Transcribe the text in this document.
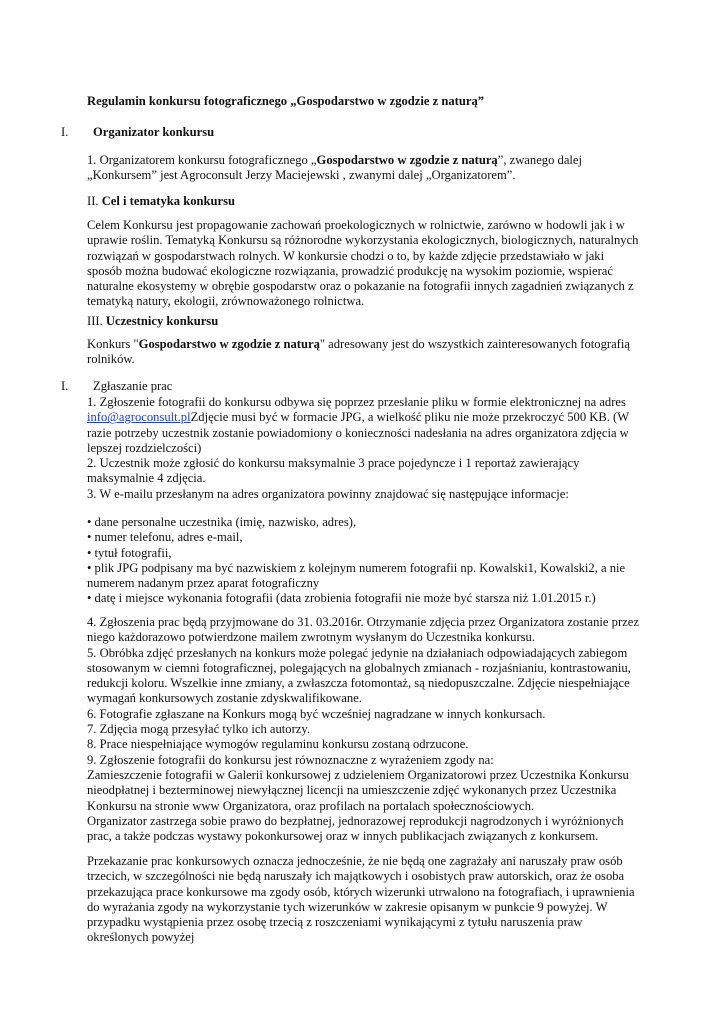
Regulamin konkursu fotograficznego „Gospodarstwo w zgodzie z naturą”

I. Organizator konkursu

1. Organizatorem konkursu fotograficznego „Gospodarstwo w zgodzie z naturą”, zwanego dalej „Konkursem” jest Agroconsult Jerzy Maciejewski , zwanymi dalej „Organizatorem”.

II. Cel i tematyka konkursu

Celem Konkursu jest propagowanie zachowań proekologicznych w rolnictwie, zarówno w hodowli jak i w uprawie roślin. Tematyką Konkursu są różnorodne wykorzystania ekologicznych, biologicznych, naturalnych rozwiązań w gospodarstwach rolnych. W konkursie chodzi o to, by każde zdjęcie przedstawiało w jaki sposób można budować ekologiczne rozwiązania, prowadzić produkcję na wysokim poziomie, wspierać naturalne ekosystemy w obrębie gospodarstw oraz o pokazanie na fotografii innych zagadnień związanych z tematyką natury, ekologii, zrównoważonego rolnictwa.

III. Uczestnicy konkursu

Konkurs "Gospodarstwo w zgodzie z naturą" adresowany jest do wszystkich zainteresowanych fotografią rolników.

I. Zgłaszanie prac

1. Zgłoszenie fotografii do konkursu odbywa się poprzez przesłanie pliku w formie elektronicznej na adres info@agroconsult.plZdjęcie musi być w formacie JPG, a wielkość pliku nie może przekroczyć 500 KB. (W razie potrzeby uczestnik zostanie powiadomiony o konieczności nadesłania na adres organizatora zdjęcia w lepszej rozdzielczości)

2. Uczestnik może zgłosić do konkursu maksymalnie 3 prace pojedyncze i 1 reportaż zawierający maksymalnie 4 zdjęcia.

3. W e-mailu przesłanym na adres organizatora powinny znajdować się następujące informacje:

• dane personalne uczestnika (imię, nazwisko, adres),

• numer telefonu, adres e-mail,

• tytuł fotografii,

• plik JPG podpisany ma być nazwiskiem z kolejnym numerem fotografii np. Kowalski1, Kowalski2, a nie numerem nadanym przez aparat fotograficzny

• datę i miejsce wykonania fotografii (data zrobienia fotografii nie może być starsza niż 1.01.2015 r.)

4. Zgłoszenia prac będą przyjmowane do 31. 03.2016r. Otrzymanie zdjęcia przez Organizatora zostanie przez niego każdorazowo potwierdzone mailem zwrotnym wysłanym do Uczestnika konkursu.

5. Obróbka zdjęć przesłanych na konkurs może polegać jedynie na działaniach odpowiadających zabiegom stosowanym w ciemni fotograficznej, polegających na globalnych zmianach - rozjaśnianiu, kontrastowaniu, redukcji koloru. Wszelkie inne zmiany, a zwłaszcza fotomontaż, są niedopuszczalne. Zdjęcie niespełniające wymagań konkursowych zostanie zdyskwalifikowane.

6. Fotografie zgłaszane na Konkurs mogą być wcześniej nagradzane w innych konkursach.

7. Zdjęcia mogą przesyłać tylko ich autorzy.

8. Prace niespełniające wymogów regulaminu konkursu zostaną odrzucone.

9. Zgłoszenie fotografii do konkursu jest równoznaczne z wyrażeniem zgody na:

Zamieszczenie fotografii w Galerii konkursowej z udzieleniem Organizatorowi przez Uczestnika Konkursu nieodpłatnej i bezterminowej niewyłącznej licencji na umieszczenie zdjęć wykonanych przez Uczestnika Konkursu na stronie www Organizatora, oraz profilach na portalach społecznościowych.

Organizator zastrzega sobie prawo do bezpłatnej, jednorazowej reprodukcji nagrodzonych i wyróżnionych prac, a także podczas wystawy pokonkursowej oraz w innych publikacjach związanych z konkursem.

Przekazanie prac konkursowych oznacza jednocześnie, że nie będą one zagrażały ani naruszały praw osób trzecich, w szczególności nie będą naruszały ich majątkowych i osobistych praw autorskich, oraz że osoba przekazująca prace konkursowe ma zgody osób, których wizerunki utrwalono na fotografiach, i uprawnienia do wyrażania zgody na wykorzystanie tych wizerunków w zakresie opisanym w punkcie 9 powyżej. W przypadku wystąpienia przez osobę trzecią z roszczeniami wynikającymi z tytułu naruszenia praw określonych powyżej
